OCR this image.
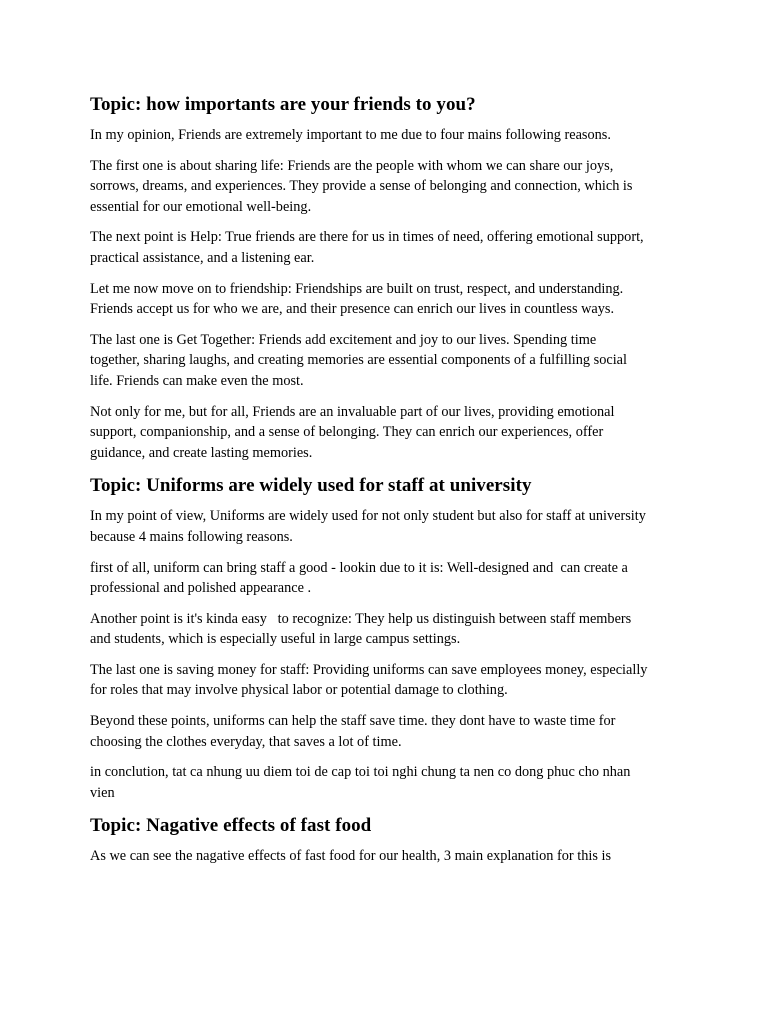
Topic: how importants are your friends to you?

In my opinion, Friends are extremely important to me due to four mains following reasons.

The first one is about sharing life: Friends are the people with whom we can share our joys,
sorrows, dreams, and experiences. They provide a sense of belonging and connection, which is
essential for our emotional well-being.

The next point is Help: True friends are there for us in times of need, offering emotional support,
practical assistance, and a listening ear.

Let me now move on to friendship: Friendships are built on trust, respect, and understanding.
Friends accept us for who we are, and their presence can enrich our lives in countless ways.

The last one is Get Together: Friends add excitement and joy to our lives. Spending time
together, sharing laughs, and creating memories are essential components of a fulfilling social
life. Friends can make even the most.

Not only for me, but for all, Friends are an invaluable part of our lives, providing emotional
support, companionship, and a sense of belonging. They can enrich our experiences, offer
guidance, and create lasting memories.

Topic: Uniforms are widely used for staff at university

In my point of view, Uniforms are widely used for not only student but also for staff at university
because 4 mains following reasons.

first of all, uniform can bring staff a good - lookin due to it is: Well-designed and  can create a
professional and polished appearance .

Another point is it's kinda easy   to recognize: They help us distinguish between staff members
and students, which is especially useful in large campus settings.

The last one is saving money for staff: Providing uniforms can save employees money, especially
for roles that may involve physical labor or potential damage to clothing.

Beyond these points, uniforms can help the staff save time. they dont have to waste time for
choosing the clothes everyday, that saves a lot of time.

in conclution, tat ca nhung uu diem toi de cap toi toi nghi chung ta nen co dong phuc cho nhan
vien

Topic: Nagative effects of fast food

As we can see the nagative effects of fast food for our health, 3 main explanation for this is
